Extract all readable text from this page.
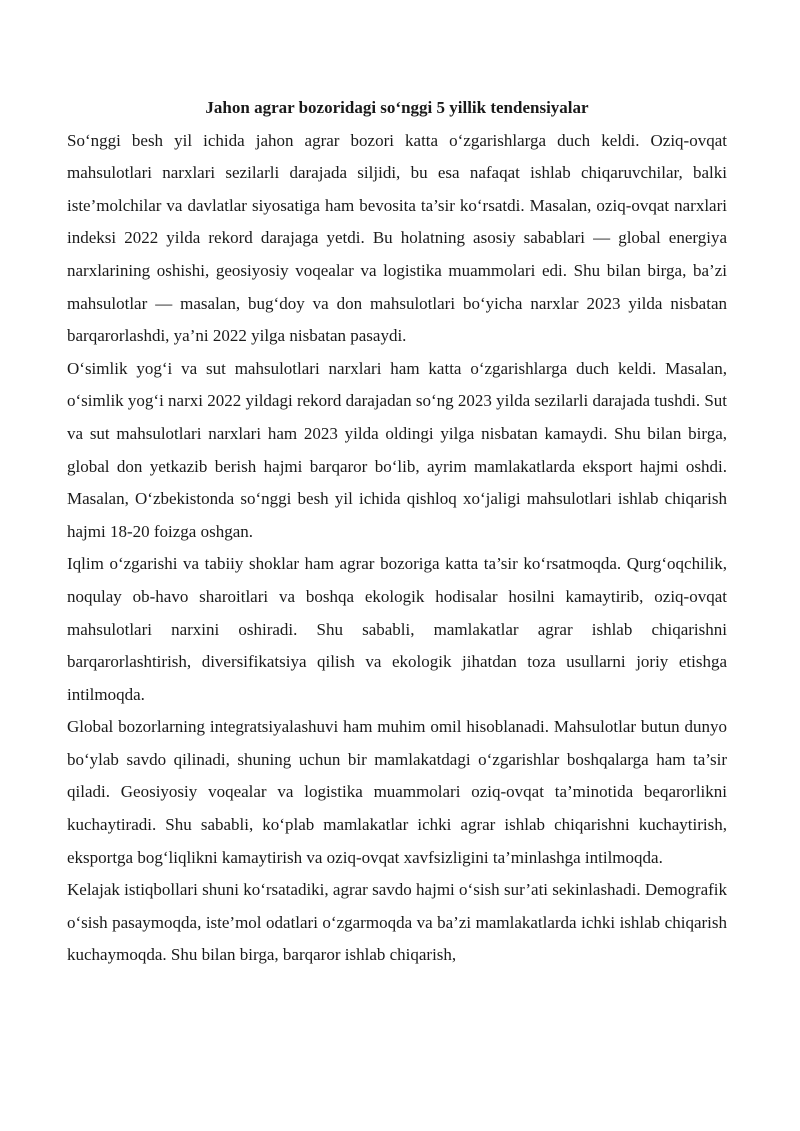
Jahon agrar bozoridagi so‘nggi 5 yillik tendensiyalar

So‘nggi besh yil ichida jahon agrar bozori katta o‘zgarishlarga duch keldi. Oziq-ovqat mahsulotlari narxlari sezilarli darajada siljidi, bu esa nafaqat ishlab chiqaruvchilar, balki iste’molchilar va davlatlar siyosatiga ham bevosita ta’sir ko‘rsatdi. Masalan, oziq-ovqat narxlari indeksi 2022 yilda rekord darajaga yetdi. Bu holatning asosiy sabablari — global energiya narxlarining oshishi, geosiyosiy voqealar va logistika muammolari edi. Shu bilan birga, ba’zi mahsulotlar — masalan, bug‘doy va don mahsulotlari bo‘yicha narxlar 2023 yilda nisbatan barqarorlashdi, ya’ni 2022 yilga nisbatan pasaydi.

O‘simlik yog‘i va sut mahsulotlari narxlari ham katta o‘zgarishlarga duch keldi. Masalan, o‘simlik yog‘i narxi 2022 yildagi rekord darajadan so‘ng 2023 yilda sezilarli darajada tushdi. Sut va sut mahsulotlari narxlari ham 2023 yilda oldingi yilga nisbatan kamaydi. Shu bilan birga, global don yetkazib berish hajmi barqaror bo‘lib, ayrim mamlakatlarda eksport hajmi oshdi. Masalan, O‘zbekistonda so‘nggi besh yil ichida qishloq xo‘jaligi mahsulotlari ishlab chiqarish hajmi 18-20 foizga oshgan.

Iqlim o‘zgarishi va tabiiy shoklar ham agrar bozoriga katta ta’sir ko‘rsatmoqda. Qurg‘oqchilik, noqulay ob-havo sharoitlari va boshqa ekologik hodisalar hosilni kamaytirib, oziq-ovqat mahsulotlari narxini oshiradi. Shu sababli, mamlakatlar agrar ishlab chiqarishni barqarorlashtirish, diversifikatsiya qilish va ekologik jihatdan toza usullarni joriy etishga intilmoqda.

Global bozorlarning integratsiyalashuvi ham muhim omil hisoblanadi. Mahsulotlar butun dunyo bo‘ylab savdo qilinadi, shuning uchun bir mamlakatdagi o‘zgarishlar boshqalarga ham ta’sir qiladi. Geosiyosiy voqealar va logistika muammolari oziq-ovqat ta’minotida beqarorlikni kuchaytiradi. Shu sababli, ko‘plab mamlakatlar ichki agrar ishlab chiqarishni kuchaytirish, eksportga bog‘liqlikni kamaytirish va oziq-ovqat xavfsizligini ta’minlashga intilmoqda.

Kelajak istiqbollari shuni ko‘rsatadiki, agrar savdo hajmi o‘sish sur’ati sekinlashadi. Demografik o‘sish pasaymoqda, iste’mol odatlari o‘zgarmoqda va ba’zi mamlakatlarda ichki ishlab chiqarish kuchaymoqda. Shu bilan birga, barqaror ishlab chiqarish,
